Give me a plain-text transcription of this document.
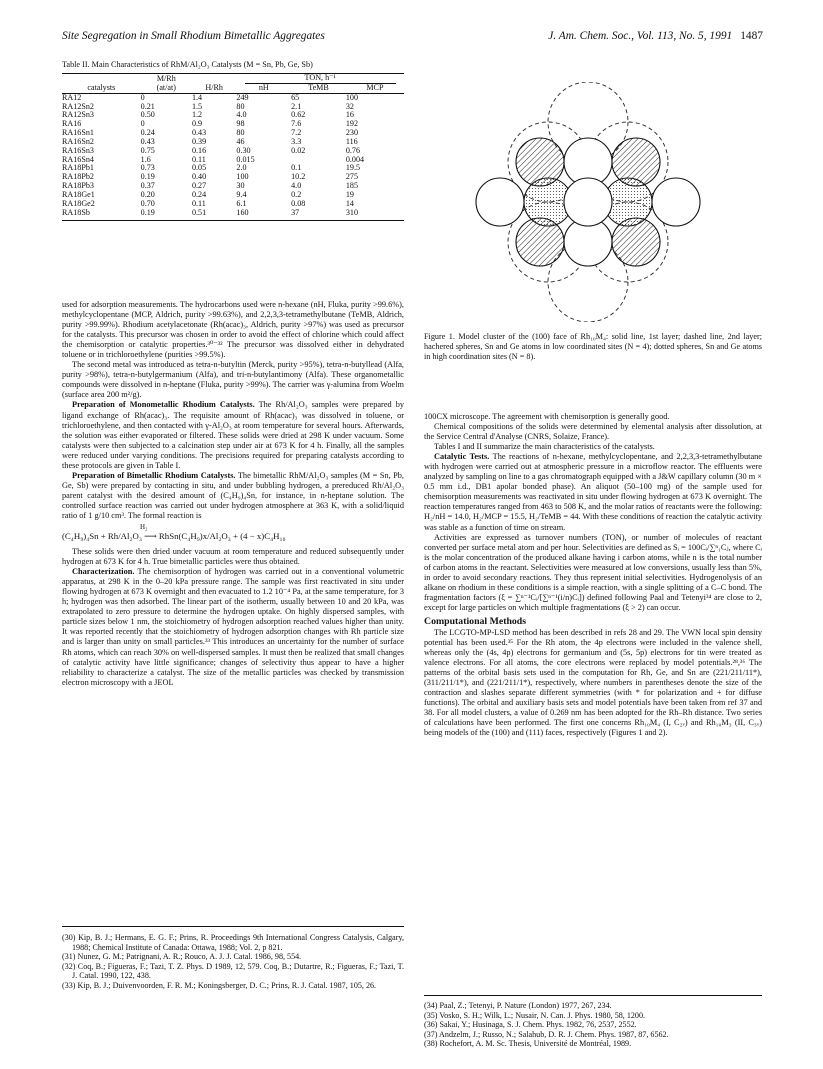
Site Segregation in Small Rhodium Bimetallic Aggregates	J. Am. Chem. Soc., Vol. 113, No. 5, 1991 1487

Table II. Main Characteristics of RhM/Al₂O₃ Catalysts (M = Sn, Pb, Ge, Sb)

	M/Rh		TON, h⁻¹		
catalysts	(at/at)	H/Rh	nH	TeMB	MCP
RA12	0	1.4	249	65	100
RA12Sn2	0.21	1.5	80	2.1	32
RA12Sn3	0.50	1.2	4.0	0.62	16
RA16	0	0.9	98	7.6	192
RA16Sn1	0.24	0.43	80	7.2	230
RA16Sn2	0.43	0.39	46	3.3	116
RA16Sn3	0.75	0.16	0.30	0.02	0.76
RA16Sn4	1.6	0.11	0.015		0.004
RA18Pb1	0.73	0.05	2.0	0.1	19.5
RA18Pb2	0.19	0.40	100	10.2	275
RA18Pb3	0.37	0.27	30	4.0	185
RA18Ge1	0.20	0.24	9.4	0.2	19
RA18Ge2	0.70	0.11	6.1	0.08	14
RA18Sb	0.19	0.51	160	37	310
Figure 1. Model cluster of the (100) face of Rh₁₀M₄: solid line, 1st layer; dashed line, 2nd layer; hachered spheres, Sn and Ge atoms in low coordinated sites (N = 4); dotted spheres, Sn and Ge atoms in high coordination sites (N = 8).

used for adsorption measurements. The hydrocarbons used were n-hexane (nH, Fluka, purity >99.6%), methylcyclopentane (MCP, Aldrich, purity >99.63%), and 2,2,3,3-tetramethylbutane (TeMB, Aldrich, purity >99.99%). Rhodium acetylacetonate (Rh(acac)₃, Aldrich, purity >97%) was used as precursor for the catalysts. This precursor was chosen in order to avoid the effect of chlorine which could affect the chemisorption or catalytic properties.³⁰⁻³² The precursor was dissolved either in dehydrated toluene or in trichloroethylene (purities >99.5%).

The second metal was introduced as tetra-n-butyltin (Merck, purity >95%), tetra-n-butyllead (Alfa, purity >98%), tetra-n-butylgermanium (Alfa), and tri-n-butylantimony (Alfa). These organometallic compounds were dissolved in n-heptane (Fluka, purity >99%). The carrier was γ-alumina from Woelm (surface area 200 m²/g).

Preparation of Monometallic Rhodium Catalysts. The Rh/Al₂O₃ samples were prepared by ligand exchange of Rh(acac)₃. The requisite amount of Rh(acac)₃ was dissolved in toluene, or trichloroethylene, and then contacted with γ-Al₂O₃ at room temperature for several hours. Afterwards, the solution was either evaporated or filtered. These solids were dried at 298 K under vacuum. Some catalysts were then subjected to a calcination step under air at 673 K for 4 h. Finally, all the samples were reduced under varying conditions. The precisions required for preparing catalysts according to these protocols are given in Table I.

Preparation of Bimetallic Rhodium Catalysts. The bimetallic RhM/Al₂O₃ samples (M = Sn, Pb, Ge, Sb) were prepared by contacting in situ, and under bubbling hydrogen, a prereduced Rh/Al₂O₃ parent catalyst with the desired amount of (C₄H₉)₄Sn, for instance, in n-heptane solution. The controlled surface reaction was carried out under hydrogen atmosphere at 363 K, with a solid/liquid ratio of 1 g/10 cm³. The formal reaction is

H₂
(C₄H₉)₄Sn + Rh/Al₂O₃ ⟶ RhSn(C₄H₉)x/Al₂O₃ + (4 − x)C₄H₁₀

These solids were then dried under vacuum at room temperature and reduced subsequently under hydrogen at 673 K for 4 h. True bimetallic particles were thus obtained.

Characterization. The chemisorption of hydrogen was carried out in a conventional volumetric apparatus, at 298 K in the 0–20 kPa pressure range. The sample was first reactivated in situ under flowing hydrogen at 673 K overnight and then evacuated to 1.2 10⁻⁴ Pa, at the same temperature, for 3 h; hydrogen was then adsorbed. The linear part of the isotherm, usually between 10 and 20 kPa, was extrapolated to zero pressure to determine the hydrogen uptake. On highly dispersed samples, with particle sizes below 1 nm, the stoichiometry of hydrogen adsorption reached values higher than unity. It was reported recently that the stoichiometry of hydrogen adsorption changes with Rh particle size and is larger than unity on small particles.³³ This introduces an uncertainty for the number of surface Rh atoms, which can reach 30% on well-dispersed samples. It must then be realized that small changes of catalytic activity have little significance; changes of selectivity thus appear to have a higher reliability to characterize a catalyst. The size of the metallic particles was checked by transmission electron microscopy with a JEOL

100CX microscope. The agreement with chemisorption is generally good.

Chemical compositions of the solids were determined by elemental analysis after dissolution, at the Service Central d'Analyse (CNRS, Solaize, France).

Tables I and II summarize the main characteristics of the catalysts.

Catalytic Tests. The reactions of n-hexane, methylcyclopentane, and 2,2,3,3-tetramethylbutane with hydrogen were carried out at atmospheric pressure in a microflow reactor. The effluents were analyzed by sampling on line to a gas chromatograph equipped with a J&W capillary column (30 m × 0.5 mm i.d., DB1 apolar bonded phase). An aliquot (50–100 mg) of the sample used for chemisorption measurements was reactivated in situ under flowing hydrogen at 673 K overnight. The reaction temperatures ranged from 463 to 508 K, and the molar ratios of reactants were the following: H₂/nH = 14.0, H₂/MCP = 15.5, H₂/TeMB = 44. With these conditions of reaction the catalytic activity was stable as a function of time on stream.

Activities are expressed as turnover numbers (TON), or number of molecules of reactant converted per surface metal atom and per hour. Selectivities are defined as Sᵢ = 100Cᵢ/∑ⁿ₁Cⱼ, where Cᵢ is the molar concentration of the produced alkane having i carbon atoms, while n is the total number of carbon atoms in the reactant. Selectivities were measured at low conversions, usually less than 5%, in order to avoid secondary reactions. They thus represent initial selectivities. Hydrogenolysis of an alkane on rhodium in these conditions is a simple reaction, with a single splitting of a C–C bond. The fragmentation factors (ξ = ∑ⁿ⁻¹Cᵢ/[∑ⁿ⁻¹(i/n)Cᵢ]) defined following Paal and Tetenyi³⁴ are close to 2, except for large particles on which multiple fragmentations (ξ > 2) can occur.

Computational Methods

The LCGTO-MP-LSD method has been described in refs 28 and 29. The VWN local spin density potential has been used.³⁵ For the Rh atom, the 4p electrons were included in the valence shell, whereas only the (4s, 4p) electrons for germanium and (5s, 5p) electrons for tin were treated as valence electrons. For all atoms, the core electrons were replaced by model potentials.²⁸,³⁶ The patterns of the orbital basis sets used in the computation for Rh, Ge, and Sn are (221/211/11*), (311/211/1*), and (221/211/1*), respectively, where numbers in parentheses denote the size of the contraction and slashes separate different symmetries (with * for polarization and + for diffuse functions). The orbital and auxiliary basis sets and model potentials have been taken from ref 37 and 38. For all model clusters, a value of 0.269 nm has been adopted for the Rh–Rh distance. Two series of calculations have been performed. The first one concerns Rh₁₀M₄ (I, C₂ᵥ) and Rh₁₀M₃ (II, C₃ᵥ) being models of the (100) and (111) faces, respectively (Figures 1 and 2).

(30) Kip, B. J.; Hermans, E. G. F.; Prins, R. Proceedings 9th International Congress Catalysis, Calgary, 1988; Chemical Institute of Canada: Ottawa, 1988; Vol. 2, p 821.

(31) Nunez, G. M.; Patrignani, A. R.; Rouco, A. J. J. Catal. 1986, 98, 554.

(32) Coq, B.; Figueras, F.; Tazi, T. Z. Phys. D 1989, 12, 579. Coq, B.; Dutartre, R.; Figueras, F.; Tazi, T. J. Catal. 1990, 122, 438.

(33) Kip, B. J.; Duivenvoorden, F. R. M.; Koningsberger, D. C.; Prins, R. J. Catal. 1987, 105, 26.

(34) Paal, Z.; Tetenyi, P. Nature (London) 1977, 267, 234.

(35) Vosko, S. H.; Wilk, L.; Nusair, N. Can. J. Phys. 1980, 58, 1200.

(36) Sakai, Y.; Husinaga, S. J. Chem. Phys. 1982, 76, 2537, 2552.

(37) Andzelm, J.; Russo, N.; Salahub, D. R. J. Chem. Phys. 1987, 87, 6562.

(38) Rochefort, A. M. Sc. Thesis, Université de Montréal, 1989.
